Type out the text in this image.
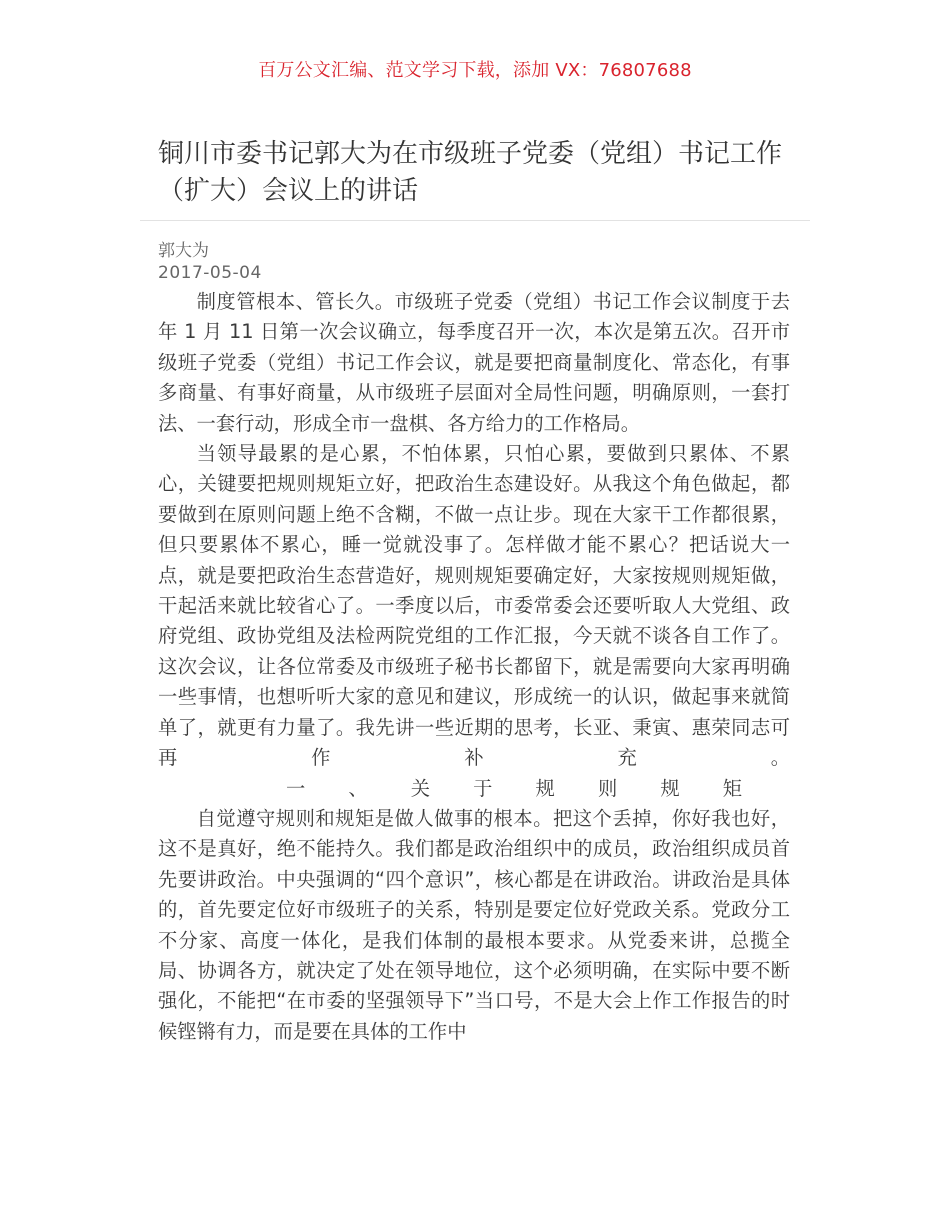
百万公文汇编、范文学习下载，添加 VX：76807688
铜川市委书记郭大为在市级班子党委（党组）书记工作（扩大）会议上的讲话
郭大为
2017-05-04

制度管根本、管长久。市级班子党委（党组）书记工作会议制度于去年 1 月 11 日第一次会议确立，每季度召开一次，本次是第五次。召开市级班子党委（党组）书记工作会议，就是要把商量制度化、常态化，有事多商量、有事好商量，从市级班子层面对全局性问题，明确原则，一套打法、一套行动，形成全市一盘棋、各方给力的工作格局。

当领导最累的是心累，不怕体累，只怕心累，要做到只累体、不累心，关键要把规则规矩立好，把政治生态建设好。从我这个角色做起，都要做到在原则问题上绝不含糊，不做一点让步。现在大家干工作都很累，但只要累体不累心，睡一觉就没事了。怎样做才能不累心？把话说大一点，就是要把政治生态营造好，规则规矩要确定好，大家按规则规矩做，干起活来就比较省心了。一季度以后，市委常委会还要听取人大党组、政府党组、政协党组及法检两院党组的工作汇报，今天就不谈各自工作了。这次会议，让各位常委及市级班子秘书长都留下，就是需要向大家再明确一些事情，也想听听大家的意见和建议，形成统一的认识，做起事来就简单了，就更有力量了。我先讲一些近期的思考，长亚、秉寅、惠荣同志可再作补充。

一、关于规则规矩

自觉遵守规则和规矩是做人做事的根本。把这个丢掉，你好我也好，这不是真好，绝不能持久。我们都是政治组织中的成员，政治组织成员首先要讲政治。中央强调的“四个意识”，核心都是在讲政治。讲政治是具体的，首先要定位好市级班子的关系，特别是要定位好党政关系。党政分工不分家、高度一体化，是我们体制的最根本要求。从党委来讲，总揽全局、协调各方，就决定了处在领导地位，这个必须明确，在实际中要不断强化，不能把“在市委的坚强领导下”当口号，不是大会上作工作报告的时候铿锵有力，而是要在具体的工作中
